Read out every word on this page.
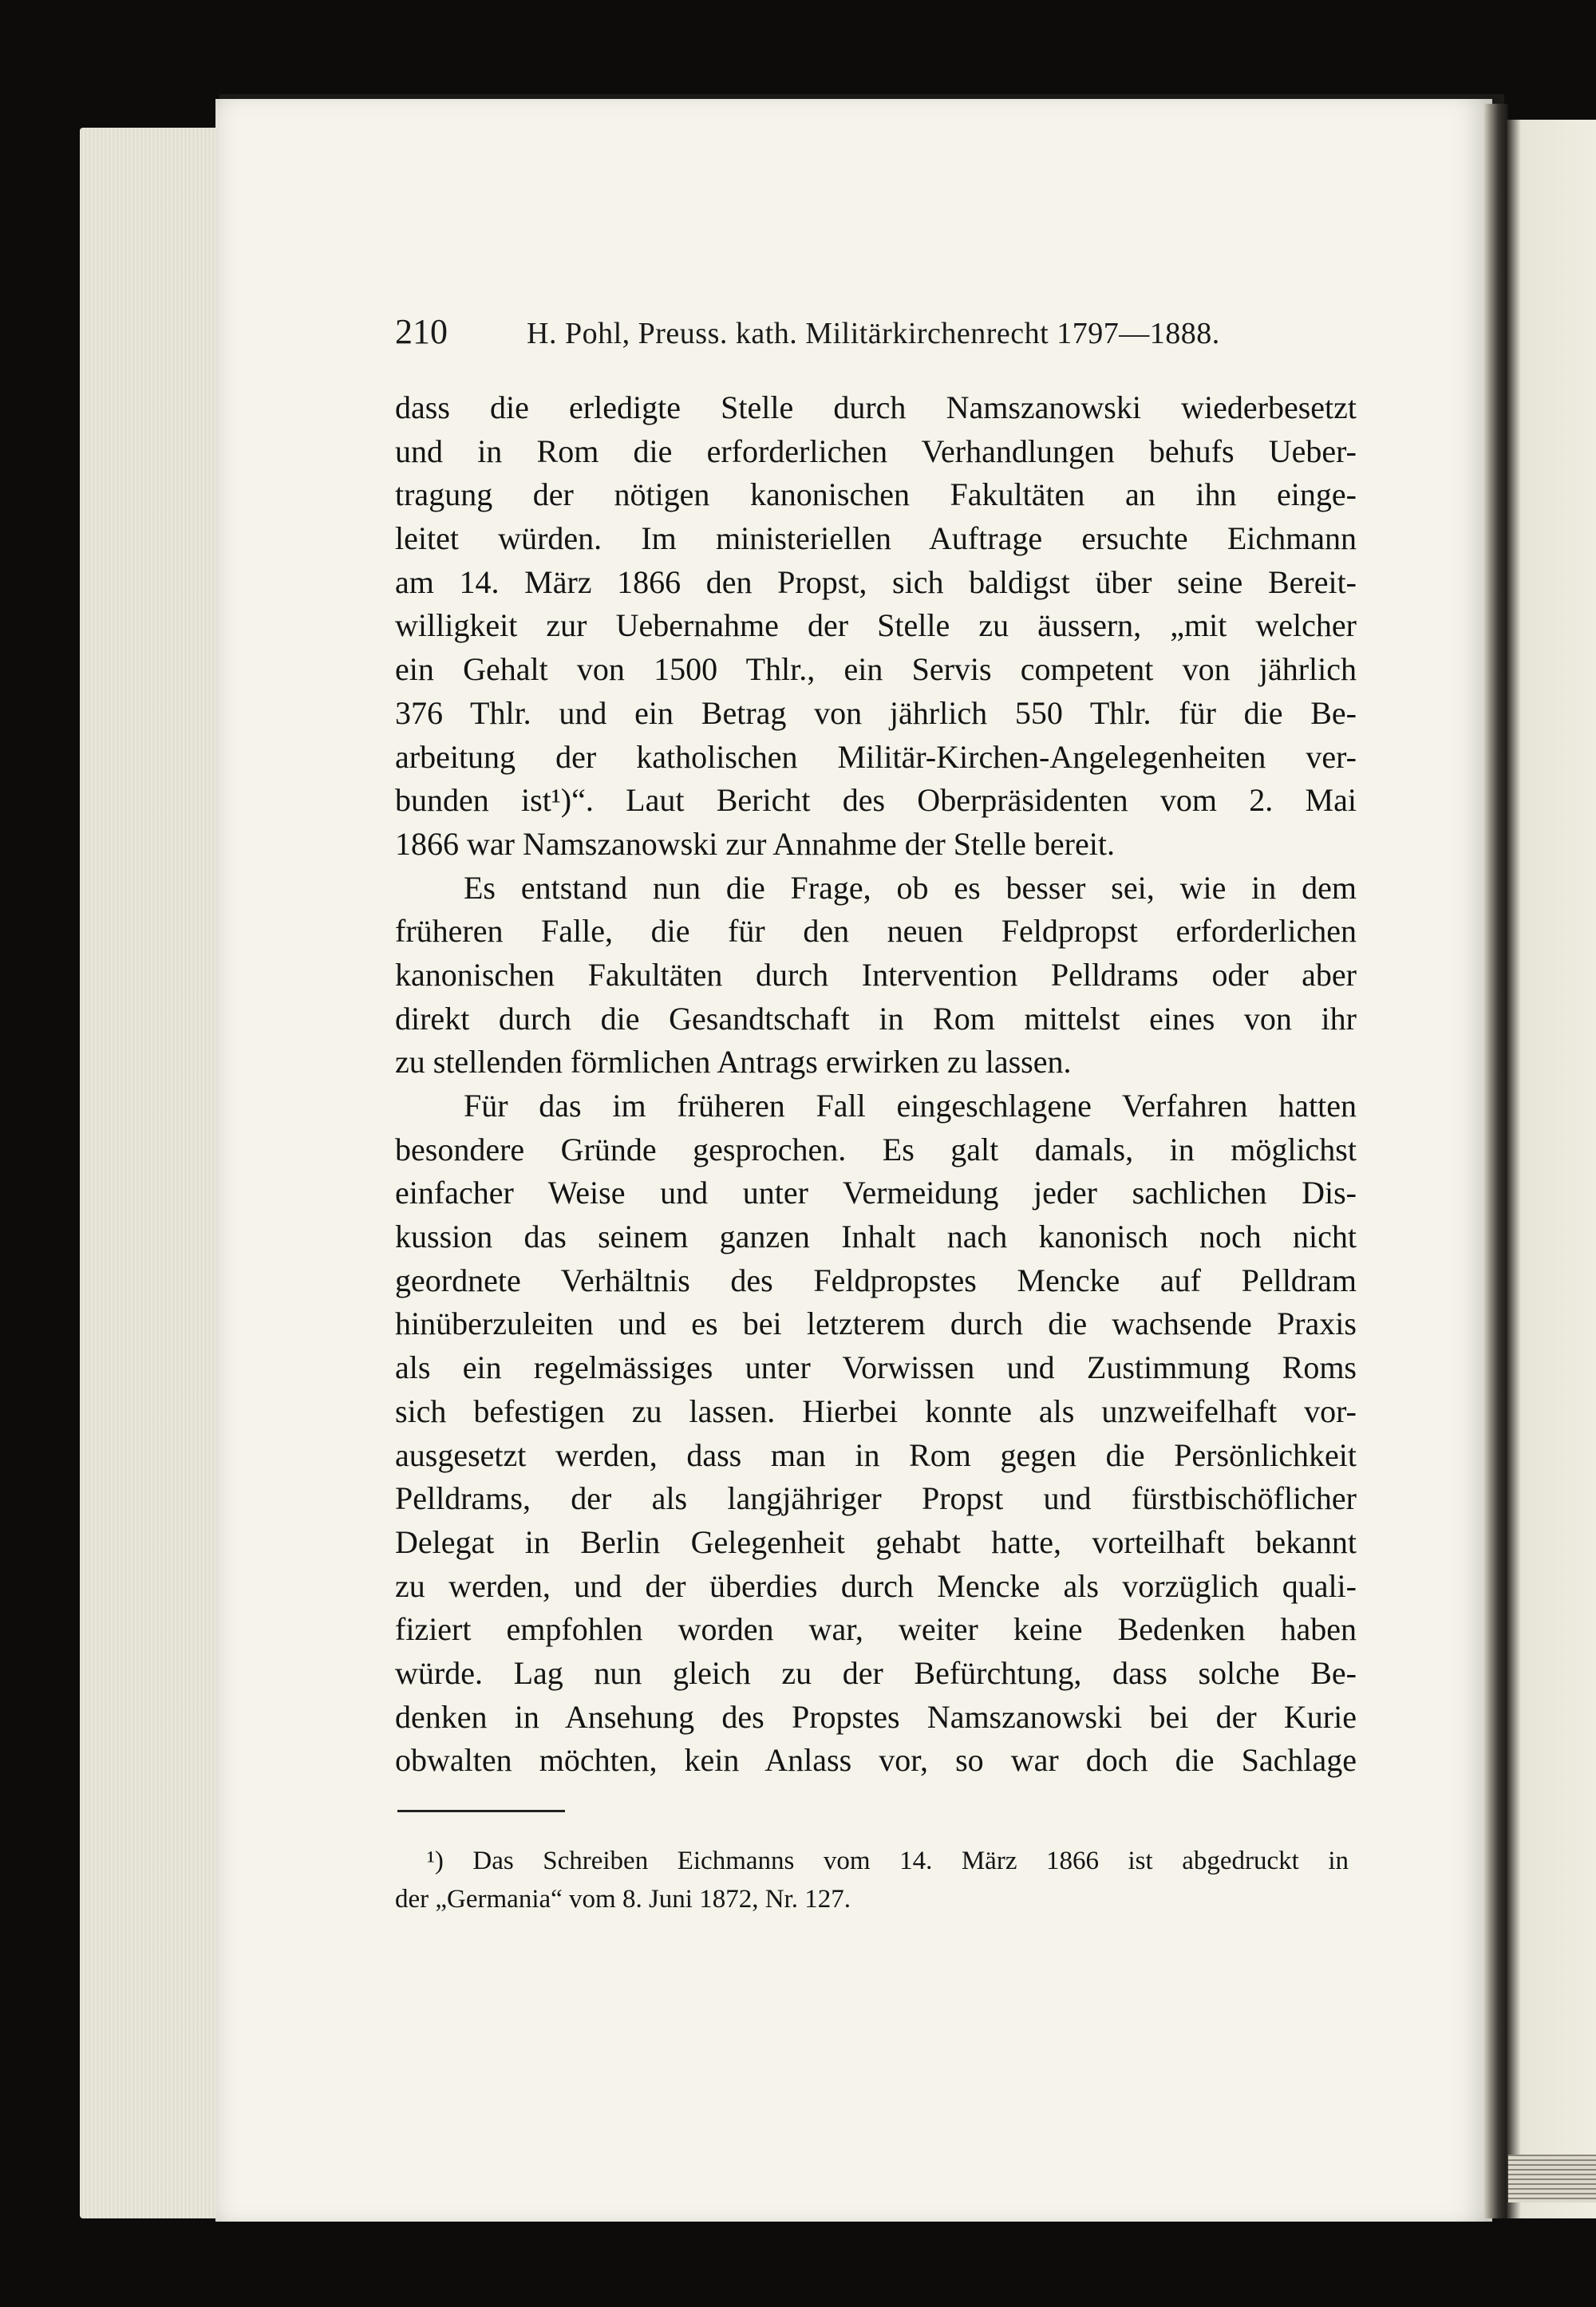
210	H. Pohl, Preuss. kath. Militärkirchenrecht 1797—1888.

dass die erledigte Stelle durch Namszanowski wiederbesetzt
und in Rom die erforderlichen Verhandlungen behufs Ueber-
tragung der nötigen kanonischen Fakultäten an ihn einge-
leitet würden. Im ministeriellen Auftrage ersuchte Eichmann
am 14. März 1866 den Propst, sich baldigst über seine Bereit-
willigkeit zur Uebernahme der Stelle zu äussern, „mit welcher
ein Gehalt von 1500 Thlr., ein Servis competent von jährlich
376 Thlr. und ein Betrag von jährlich 550 Thlr. für die Be-
arbeitung der katholischen Militär-Kirchen-Angelegenheiten ver-
bunden ist¹)“. Laut Bericht des Oberpräsidenten vom 2. Mai
1866 war Namszanowski zur Annahme der Stelle bereit.

Es entstand nun die Frage, ob es besser sei, wie in dem
früheren Falle, die für den neuen Feldpropst erforderlichen
kanonischen Fakultäten durch Intervention Pelldrams oder aber
direkt durch die Gesandtschaft in Rom mittelst eines von ihr
zu stellenden förmlichen Antrags erwirken zu lassen.

Für das im früheren Fall eingeschlagene Verfahren hatten
besondere Gründe gesprochen. Es galt damals, in möglichst
einfacher Weise und unter Vermeidung jeder sachlichen Dis-
kussion das seinem ganzen Inhalt nach kanonisch noch nicht
geordnete Verhältnis des Feldpropstes Mencke auf Pelldram
hinüberzuleiten und es bei letzterem durch die wachsende Praxis
als ein regelmässiges unter Vorwissen und Zustimmung Roms
sich befestigen zu lassen. Hierbei konnte als unzweifelhaft vor-
ausgesetzt werden, dass man in Rom gegen die Persönlichkeit
Pelldrams, der als langjähriger Propst und fürstbischöflicher
Delegat in Berlin Gelegenheit gehabt hatte, vorteilhaft bekannt
zu werden, und der überdies durch Mencke als vorzüglich quali-
fiziert empfohlen worden war, weiter keine Bedenken haben
würde. Lag nun gleich zu der Befürchtung, dass solche Be-
denken in Ansehung des Propstes Namszanowski bei der Kurie
obwalten möchten, kein Anlass vor, so war doch die Sachlage

¹) Das Schreiben Eichmanns vom 14. März 1866 ist abgedruckt in
der „Germania“ vom 8. Juni 1872, Nr. 127.
